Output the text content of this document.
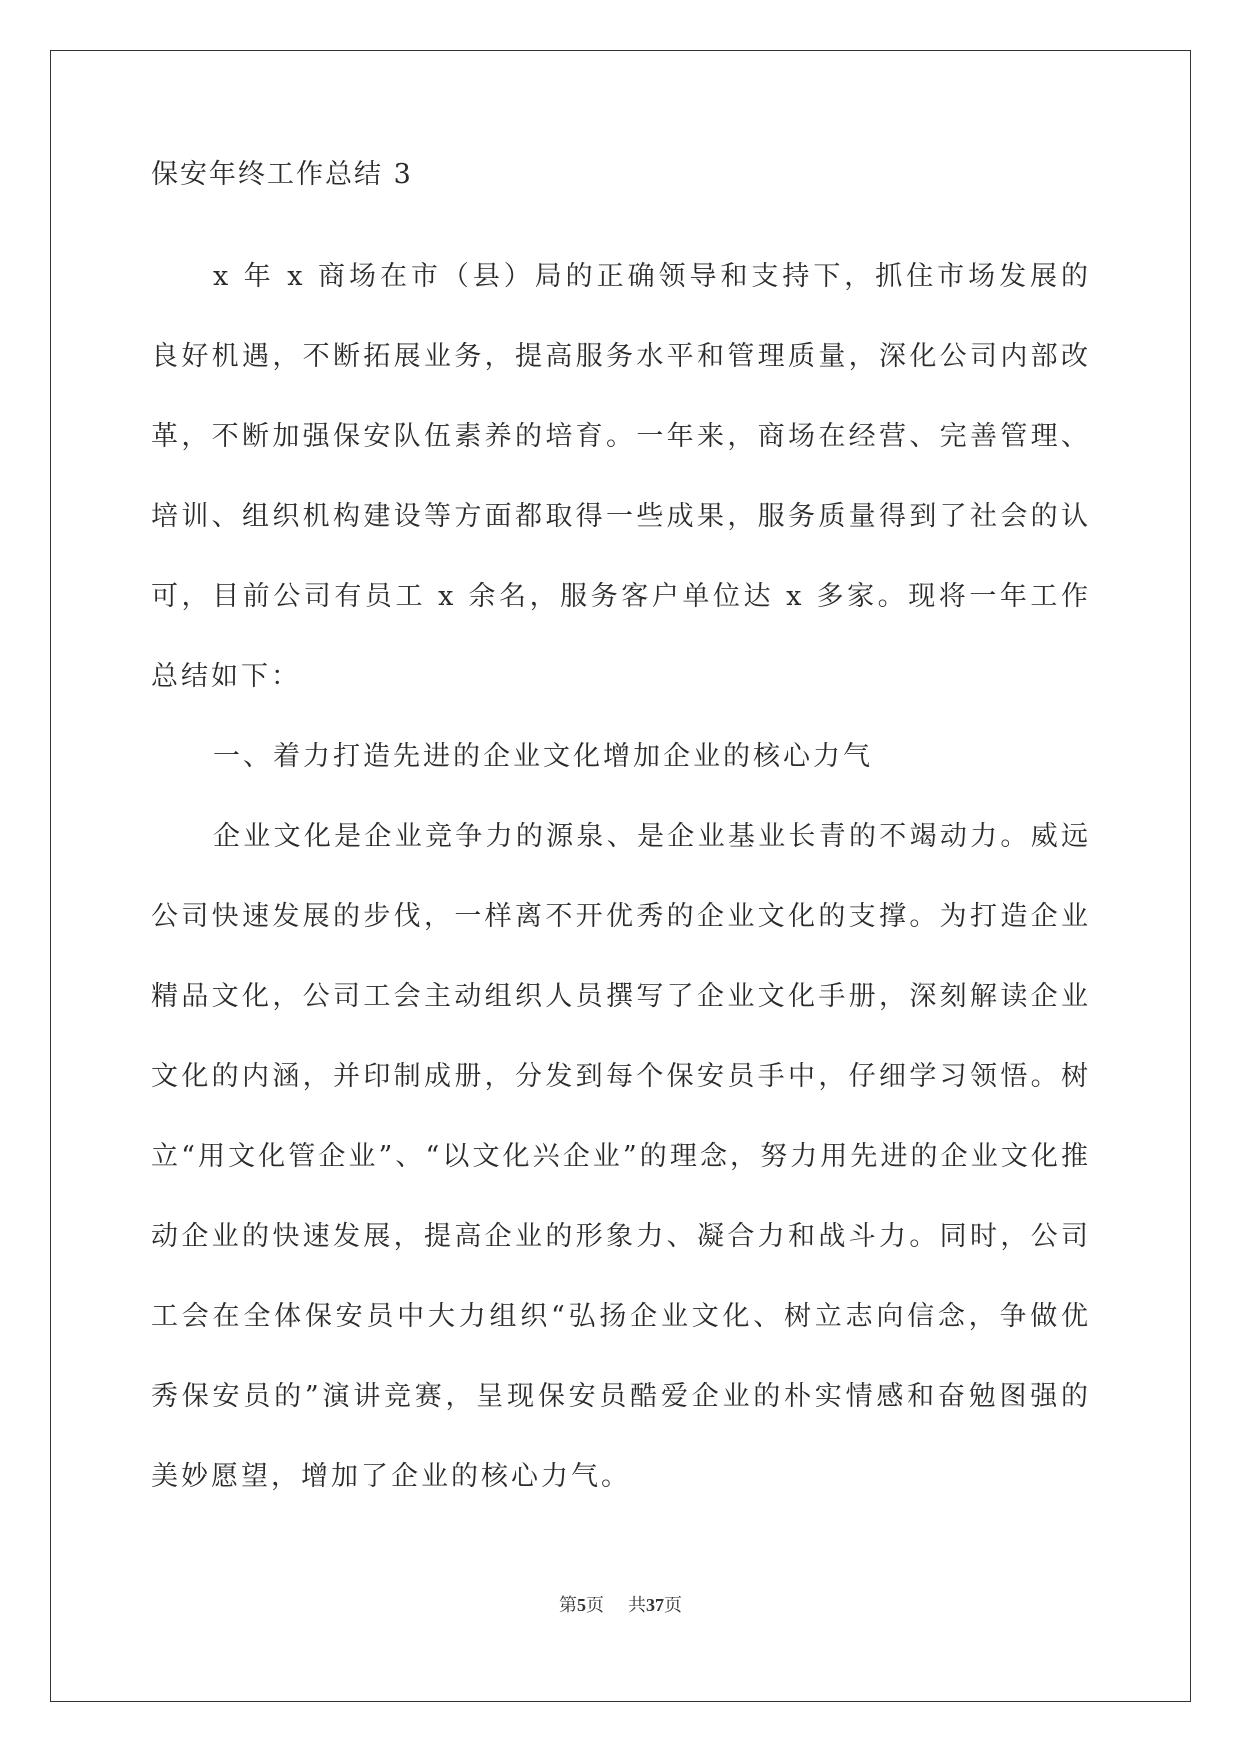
保安年终工作总结 3

x 年 x 商场在市（县）局的正确领导和支持下，抓住市场发展的良好机遇，不断拓展业务，提高服务水平和管理质量，深化公司内部改革，不断加强保安队伍素养的培育。一年来，商场在经营、完善管理、培训、组织机构建设等方面都取得一些成果，服务质量得到了社会的认可，目前公司有员工 x 余名，服务客户单位达 x 多家。现将一年工作总结如下：

一、着力打造先进的企业文化增加企业的核心力气

企业文化是企业竞争力的源泉、是企业基业长青的不竭动力。威远公司快速发展的步伐，一样离不开优秀的企业文化的支撑。为打造企业精品文化，公司工会主动组织人员撰写了企业文化手册，深刻解读企业文化的内涵，并印制成册，分发到每个保安员手中，仔细学习领悟。树立“用文化管企业”、“以文化兴企业”的理念，努力用先进的企业文化推动企业的快速发展，提高企业的形象力、凝合力和战斗力。同时，公司工会在全体保安员中大力组织“弘扬企业文化、树立志向信念，争做优秀保安员的”演讲竞赛，呈现保安员酷爱企业的朴实情感和奋勉图强的美妙愿望，增加了企业的核心力气。

第5页 共37页
